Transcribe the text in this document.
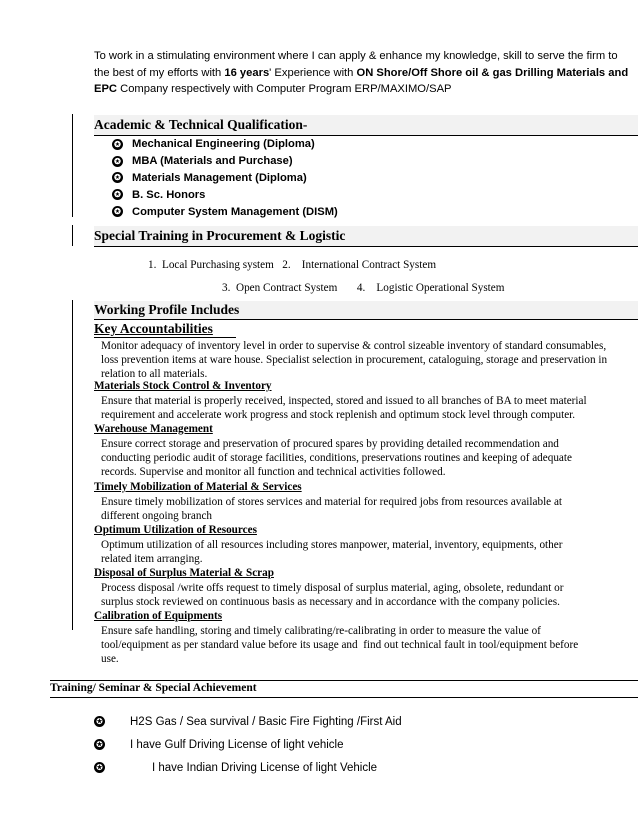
To work in a stimulating environment where I can apply & enhance my knowledge, skill to serve the firm to the best of my efforts with 16 years' Experience with ON Shore/Off Shore oil & gas Drilling Materials and EPC Company respectively with Computer Program ERP/MAXIMO/SAP
Academic & Technical Qualification-
✪ Mechanical Engineering (Diploma)
✪ MBA (Materials and Purchase)
✪ Materials Management (Diploma)
✪ B. Sc. Honors
✪ Computer System Management (DISM)
Special Training in Procurement & Logistic
1.  Local Purchasing system   2.    International Contract System
3.  Open Contract System       4.    Logistic Operational System
Working Profile Includes
Key Accountabilities
Monitor adequacy of inventory level in order to supervise & control sizeable inventory of standard consumables, loss prevention items at ware house. Specialist selection in procurement, cataloguing, storage and preservation in relation to all materials.
Materials Stock Control & Inventory
Ensure that material is properly received, inspected, stored and issued to all branches of BA to meet material
requirement and accelerate work progress and stock replenish and optimum stock level through computer.
Warehouse Management
Ensure correct storage and preservation of procured spares by providing detailed recommendation and
conducting periodic audit of storage facilities, conditions, preservations routines and keeping of adequate
records. Supervise and monitor all function and technical activities followed.
Timely Mobilization of Material & Services
Ensure timely mobilization of stores services and material for required jobs from resources available at
different ongoing branch
Optimum Utilization of Resources
Optimum utilization of all resources including stores manpower, material, inventory, equipments, other
related item arranging.
Disposal of Surplus Material & Scrap
Process disposal /write offs request to timely disposal of surplus material, aging, obsolete, redundant or
surplus stock reviewed on continuous basis as necessary and in accordance with the company policies.
Calibration of Equipments
Ensure safe handling, storing and timely calibrating/re-calibrating in order to measure the value of
tool/equipment as per standard value before its usage and  find out technical fault in tool/equipment before
use.
Training/ Seminar & Special Achievement
✪ H2S Gas / Sea survival / Basic Fire Fighting /First Aid
✪ I have Gulf Driving License of light vehicle
✪	I have Indian Driving License of light Vehicle
